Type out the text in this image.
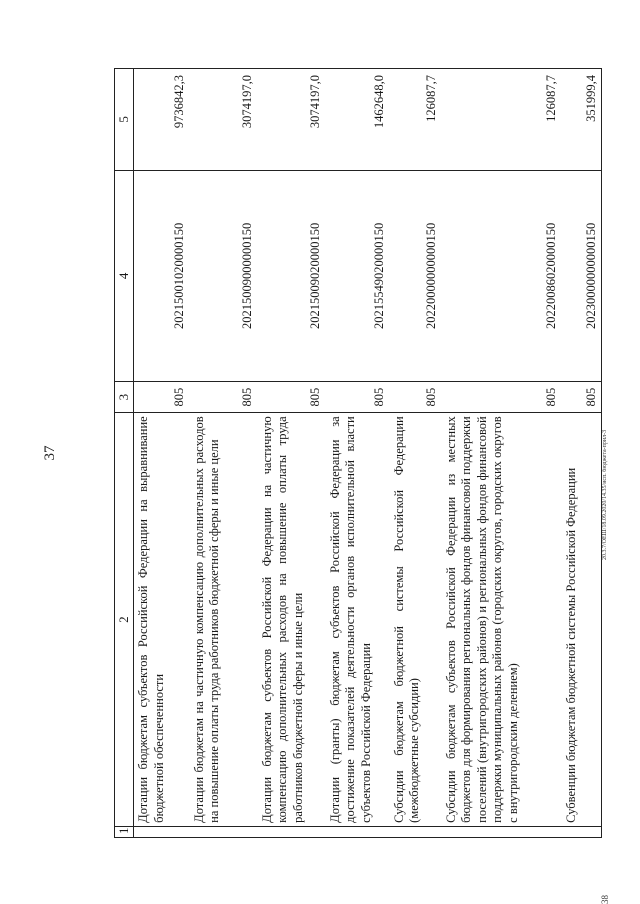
37	20.3.7/ОЕШ/18.09.2020/14.35/исп. бюджета-прил-3
38
1	2	3	4	5
	Дотации бюджетам субъектов Российской Федерации на выравнивание бюджетной обеспеченности	805	20215001020000150	9736842,3
	Дотации бюджетам на частичную компенсацию дополнительных расходов на повышение оплаты труда работников бюджетной сферы и иные цели	805	20215009000000150	3074197,0
	Дотации бюджетам субъектов Российской Федерации на частичную компенсацию дополнительных расходов на повышение оплаты труда работников бюджетной сферы и иные цели	805	20215009020000150	3074197,0
	Дотации (гранты) бюджетам субъектов Российской Федерации за достижение показателей деятельности органов исполнительной власти субъектов Российской Федерации	805	20215549020000150	1462648,0
	Субсидии бюджетам бюджетной системы Российской Федерации (межбюджетные субсидии)	805	20220000000000150	126087,7
	Субсидии бюджетам субъектов Российской Федерации из местных бюджетов для формирования региональных фондов финансовой поддержки поселений (внутригородских районов) и региональных фондов финансовой поддержки муниципальных районов (городских округов, городских округов с внутригородским делением)	805	20220086020000150	126087,7
	Субвенции бюджетам бюджетной системы Российской Федерации	805	20230000000000150	351999,4
